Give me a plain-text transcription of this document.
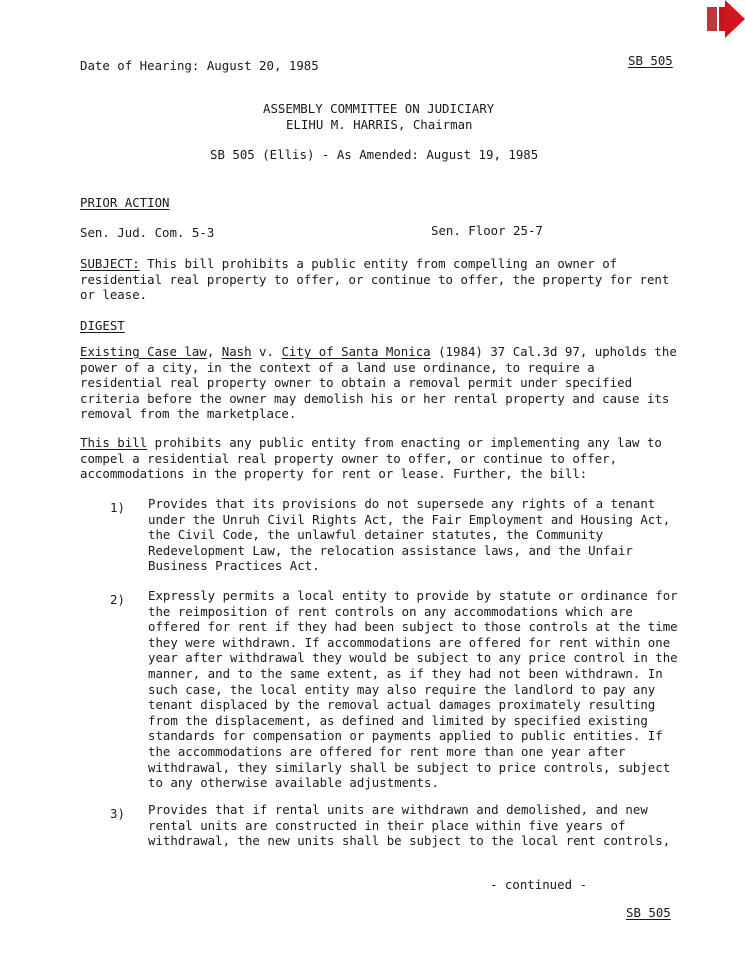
Date of Hearing: August 20, 1985	SB 505
ASSEMBLY COMMITTEE ON JUDICIARY
ELIHU M. HARRIS, Chairman
SB 505 (Ellis) - As Amended: August 19, 1985
PRIOR ACTION
Sen. Jud. Com. 5-3	Sen. Floor 25-7
SUBJECT: This bill prohibits a public entity from compelling an owner of
residential real property to offer, or continue to offer, the property for rent
or lease.
DIGEST
Existing Case law, Nash v. City of Santa Monica (1984) 37 Cal.3d 97, upholds the
power of a city, in the context of a land use ordinance, to require a
residential real property owner to obtain a removal permit under specified
criteria before the owner may demolish his or her rental property and cause its
removal from the marketplace.
This bill prohibits any public entity from enacting or implementing any law to
compel a residential real property owner to offer, or continue to offer,
accommodations in the property for rent or lease. Further, the bill:
1) Provides that its provisions do not supersede any rights of a tenant
under the Unruh Civil Rights Act, the Fair Employment and Housing Act,
the Civil Code, the unlawful detainer statutes, the Community
Redevelopment Law, the relocation assistance laws, and the Unfair
Business Practices Act.
2) Expressly permits a local entity to provide by statute or ordinance for
the reimposition of rent controls on any accommodations which are
offered for rent if they had been subject to those controls at the time
they were withdrawn. If accommodations are offered for rent within one
year after withdrawal they would be subject to any price control in the
manner, and to the same extent, as if they had not been withdrawn. In
such case, the local entity may also require the landlord to pay any
tenant displaced by the removal actual damages proximately resulting
from the displacement, as defined and limited by specified existing
standards for compensation or payments applied to public entities. If
the accommodations are offered for rent more than one year after
withdrawal, they similarly shall be subject to price controls, subject
to any otherwise available adjustments.
3) Provides that if rental units are withdrawn and demolished, and new
rental units are constructed in their place within five years of
withdrawal, the new units shall be subject to the local rent controls,
- continued -
SB 505
